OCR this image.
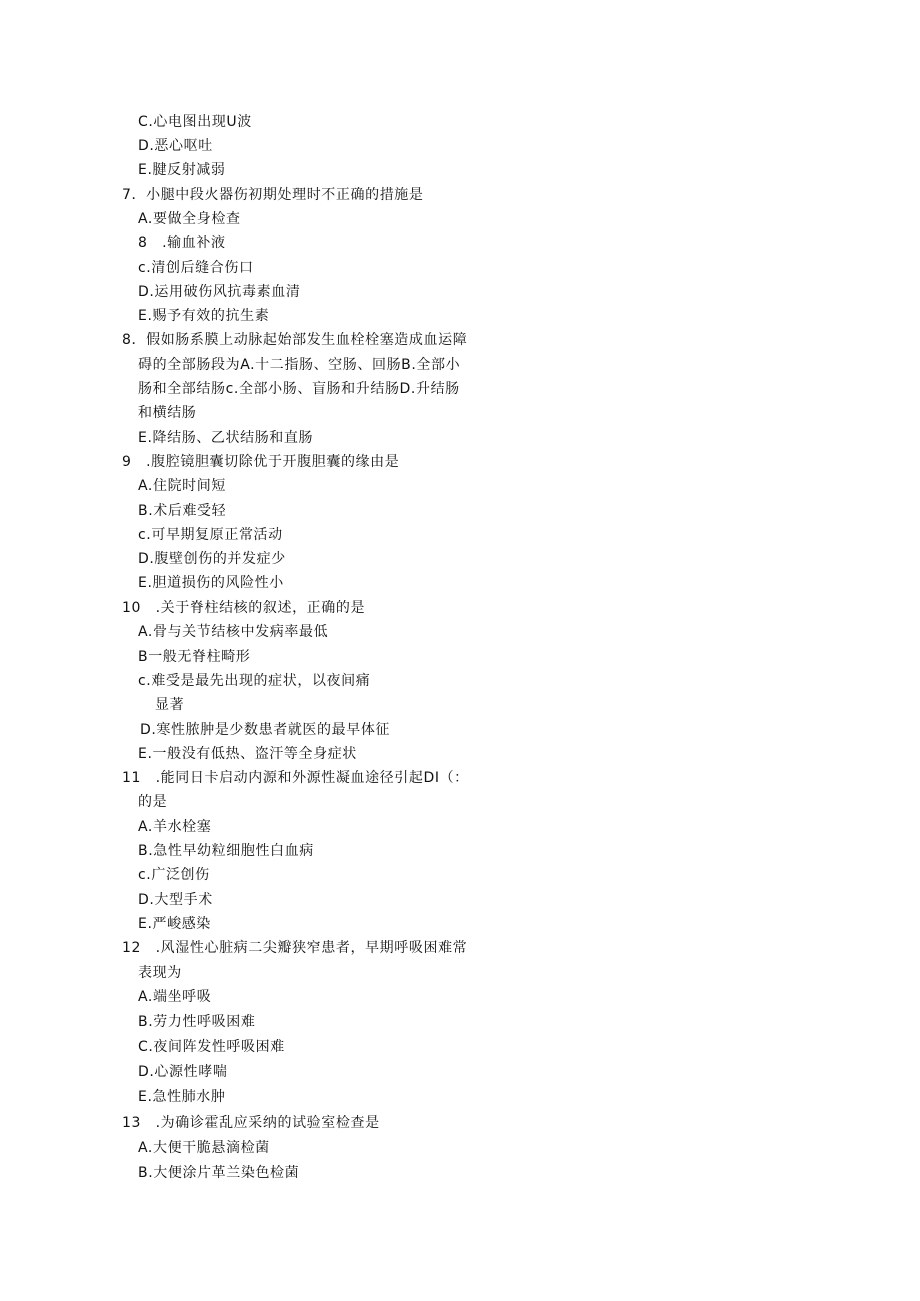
C.心电图出现U波
D.恶心呕吐
E.腱反射减弱
7．小腿中段火器伤初期处理时不正确的措施是
A.要做全身检查
8　.输血补液
c.清创后缝合伤口
D.运用破伤风抗毒素血清
E.赐予有效的抗生素
8．假如肠系膜上动脉起始部发生血栓栓塞造成血运障
碍的全部肠段为A.十二指肠、空肠、回肠B.全部小
肠和全部结肠c.全部小肠、盲肠和升结肠D.升结肠
和横结肠
E.降结肠、乙状结肠和直肠
9　.腹腔镜胆囊切除优于开腹胆囊的缘由是
A.住院时间短
B.术后难受轻
c.可早期复原正常活动
D.腹壁创伤的并发症少
E.胆道损伤的风险性小
10　.关于脊柱结核的叙述，正确的是
A.骨与关节结核中发病率最低
B一般无脊柱畸形
c.难受是最先出现的症状，以夜间痛
显著
D.寒性脓肿是少数患者就医的最早体征
E.一般没有低热、盗汗等全身症状
11　.能同日卡启动内源和外源性凝血途径引起DI（：
的是
A.羊水栓塞
B.急性早幼粒细胞性白血病
c.广泛创伤
D.大型手术
E.严峻感染
12　.风湿性心脏病二尖瓣狭窄患者，早期呼吸困难常
表现为
A.端坐呼吸
B.劳力性呼吸困难
C.夜间阵发性呼吸困难
D.心源性哮喘
E.急性肺水肿
13　.为确诊霍乱应采纳的试验室检查是
A.大便干脆悬滴检菌
B.大便涂片革兰染色检菌
